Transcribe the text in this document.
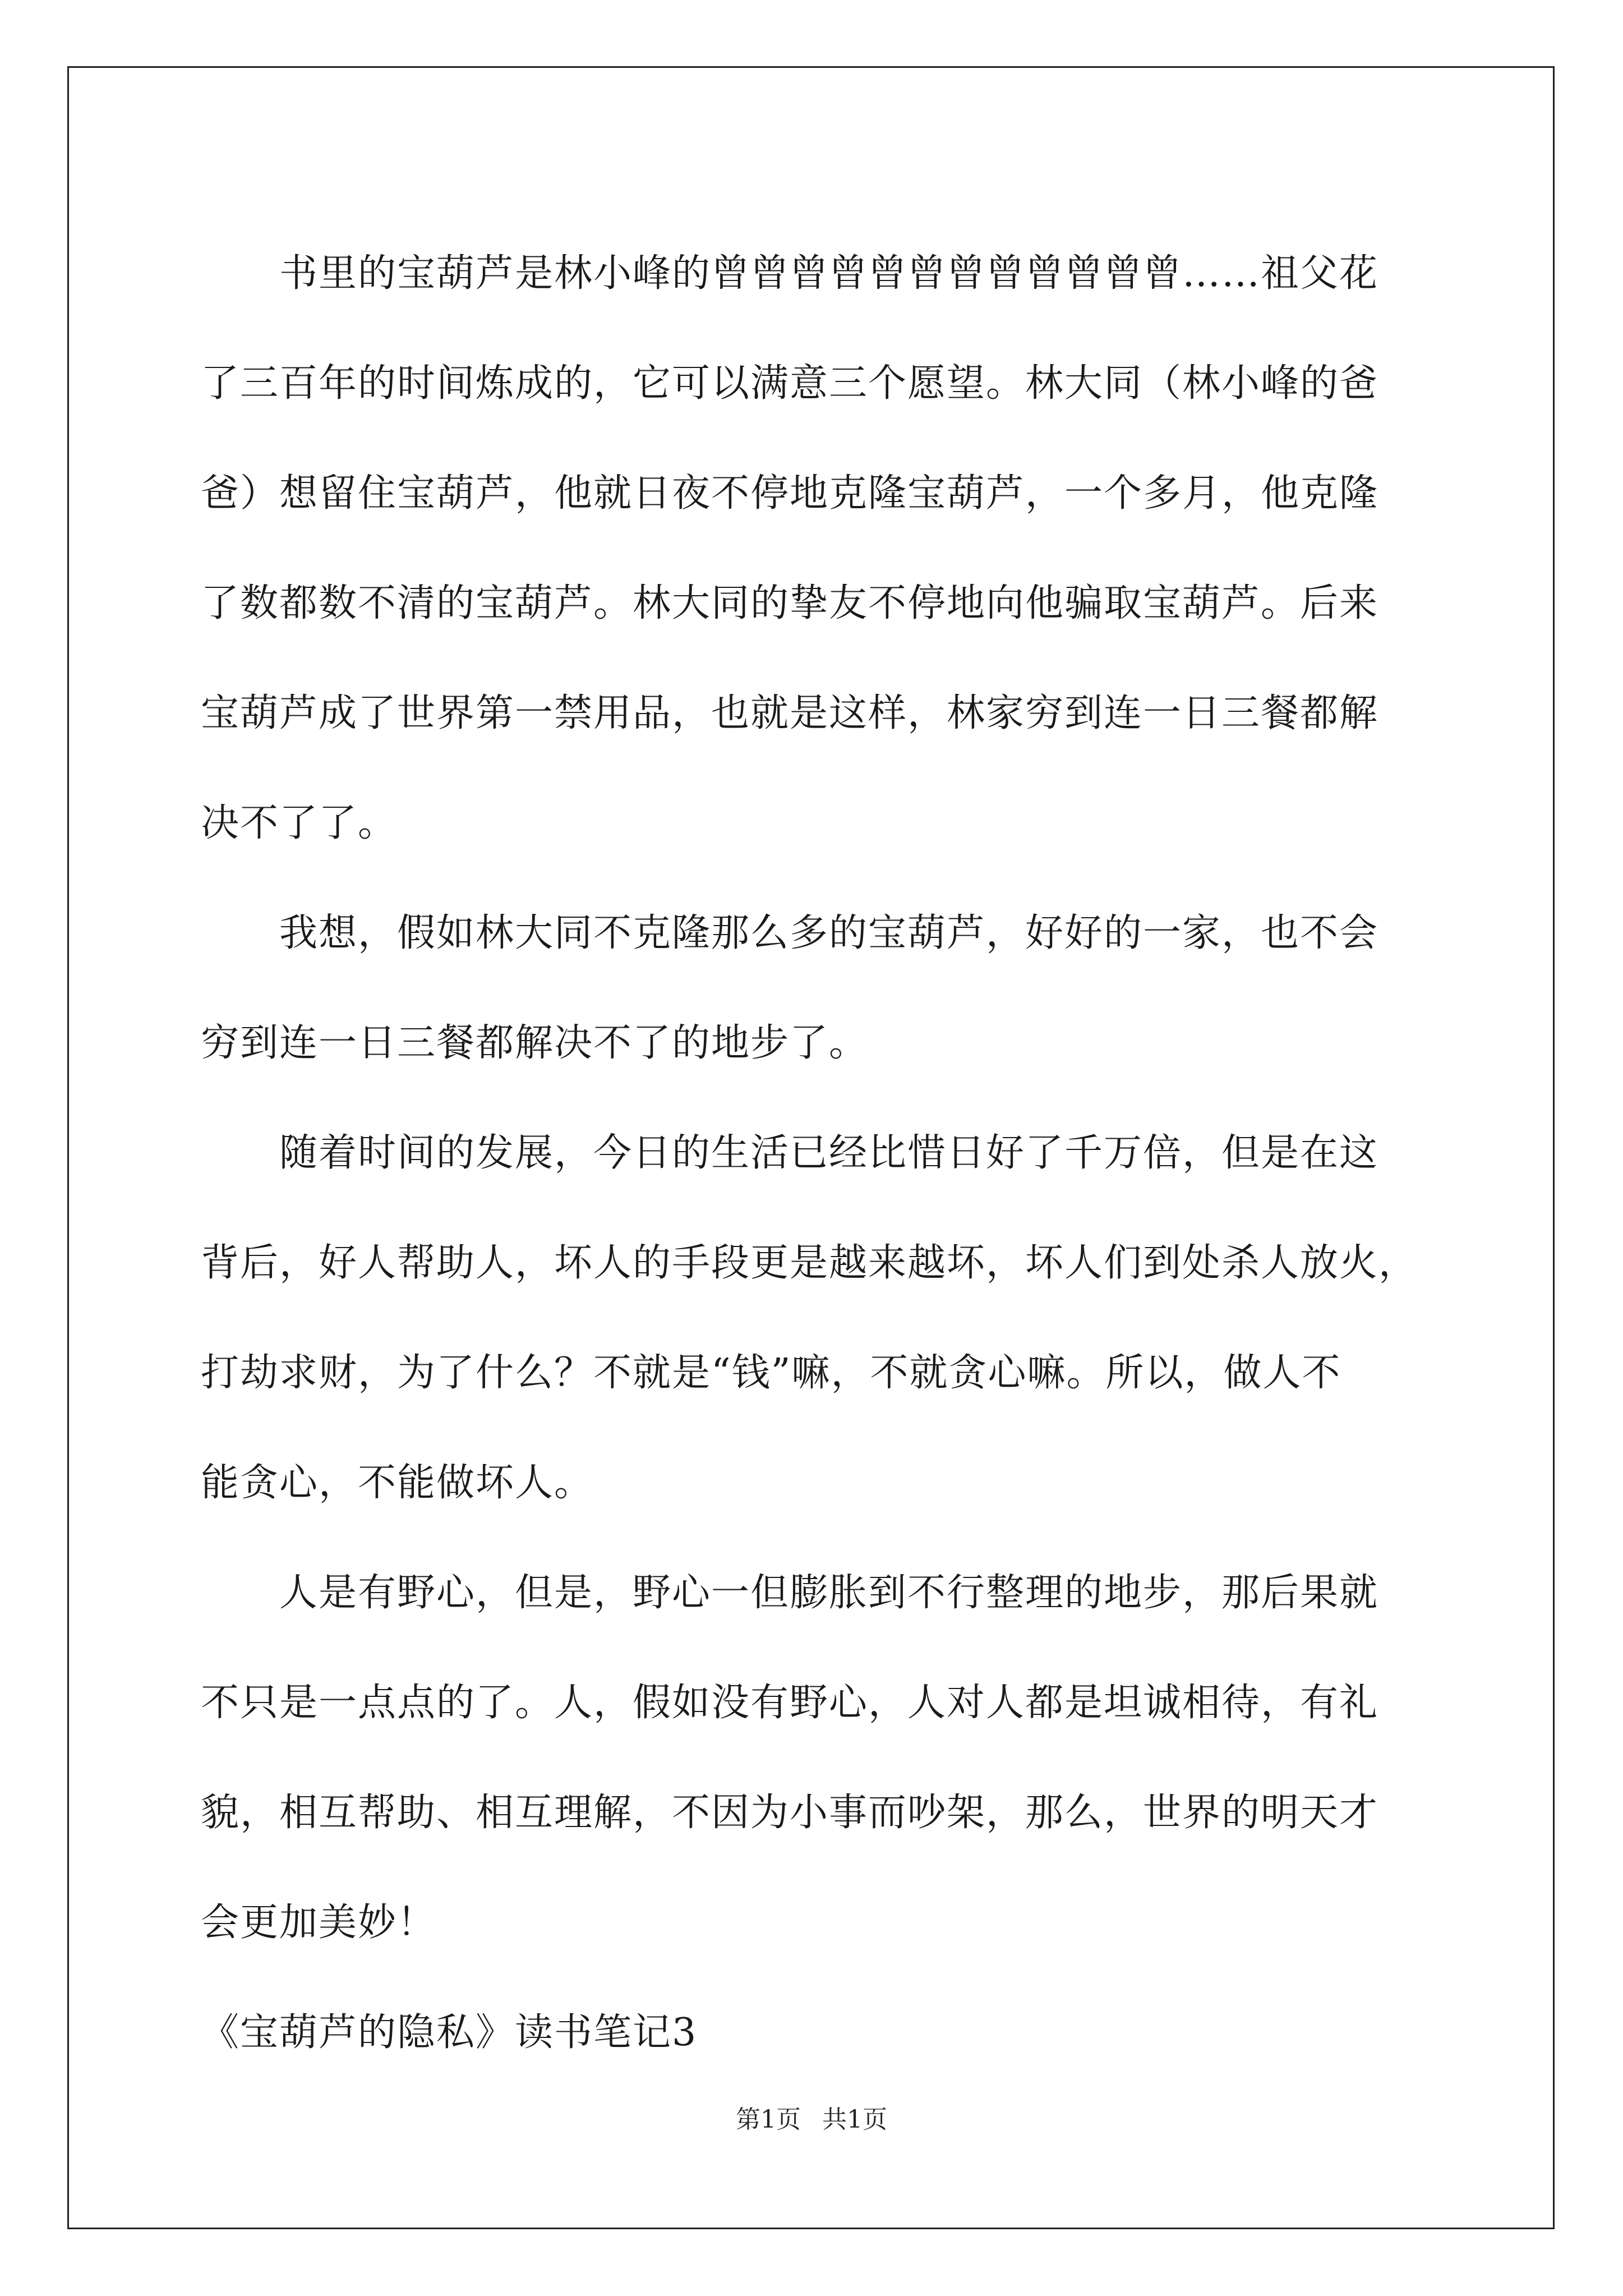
　　书里的宝葫芦是林小峰的曾曾曾曾曾曾曾曾曾曾曾曾……祖父花
了三百年的时间炼成的，它可以满意三个愿望。林大同（林小峰的爸
爸）想留住宝葫芦，他就日夜不停地克隆宝葫芦，一个多月，他克隆
了数都数不清的宝葫芦。林大同的挚友不停地向他骗取宝葫芦。后来
宝葫芦成了世界第一禁用品，也就是这样，林家穷到连一日三餐都解
决不了了。
　　我想，假如林大同不克隆那么多的宝葫芦，好好的一家，也不会
穷到连一日三餐都解决不了的地步了。
　　随着时间的发展，今日的生活已经比惜日好了千万倍，但是在这
背后，好人帮助人，坏人的手段更是越来越坏，坏人们到处杀人放火，
打劫求财，为了什么？不就是“钱”嘛，不就贪心嘛。所以，做人不
能贪心，不能做坏人。
　　人是有野心，但是，野心一但膨胀到不行整理的地步，那后果就
不只是一点点的了。人，假如没有野心，人对人都是坦诚相待，有礼
貌，相互帮助、相互理解，不因为小事而吵架，那么，世界的明天才
会更加美妙！
《宝葫芦的隐私》读书笔记3
第1页 共1页
